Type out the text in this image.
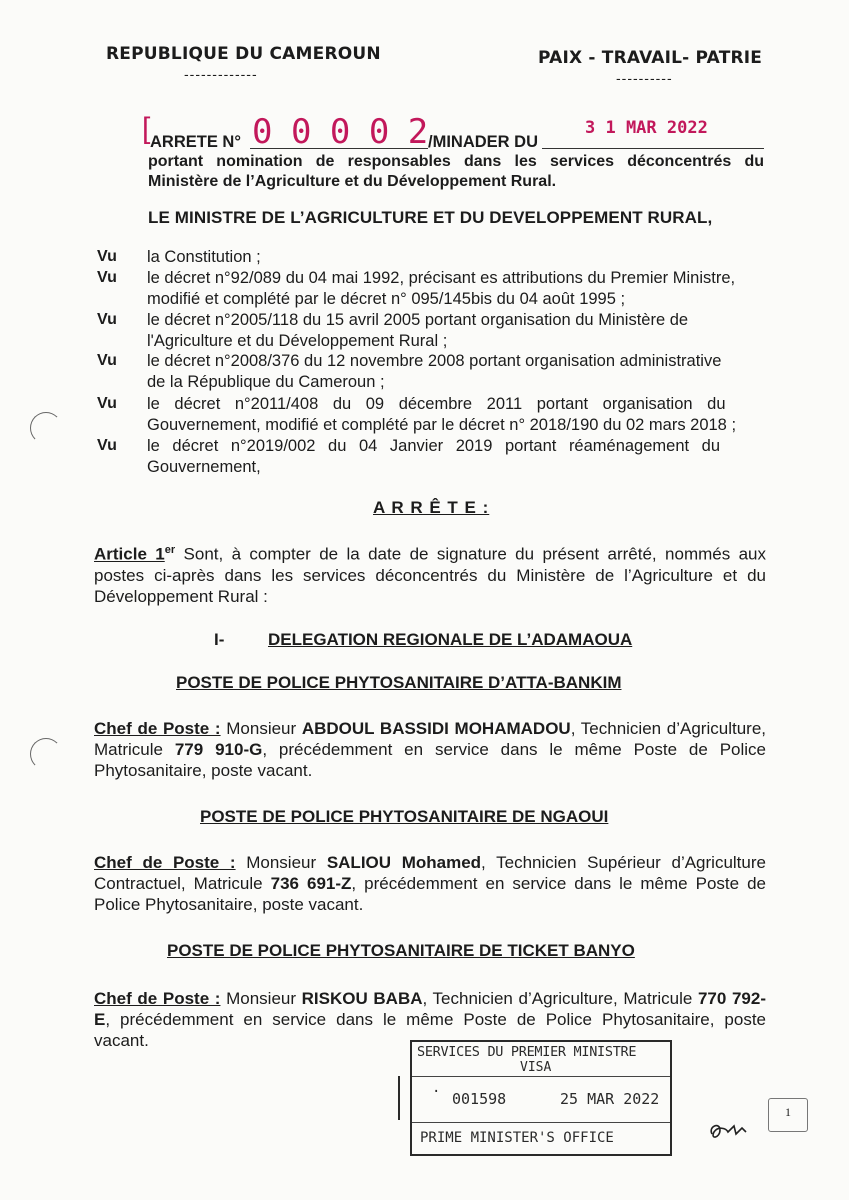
REPUBLIQUE DU CAMEROUN
-------------
PAIX - TRAVAIL- PATRIE
----------
[ ARRETE N° 0 0 0 0 2 /MINADER DU
3 1 MAR 2022
portant nomination de responsables dans les services déconcentrés du Ministère de l’Agriculture et du Développement Rural.
LE MINISTRE DE L’AGRICULTURE ET DU DEVELOPPEMENT RURAL,
Vu la Constitution ;
Vu le décret n°92/089 du 04 mai 1992, précisant es attributions du Premier Ministre,
modifié et complété par le décret n° 095/145bis du 04 août 1995 ;
Vu le décret n°2005/118 du 15 avril 2005 portant organisation du Ministère de
l'Agriculture et du Développement Rural ;
Vu le décret n°2008/376 du 12 novembre 2008 portant organisation administrative
de la République du Cameroun ;
Vu le décret n°2011/408 du 09 décembre 2011 portant organisation du
Gouvernement, modifié et complété par le décret n° 2018/190 du 02 mars 2018 ;
Vu le décret n°2019/002 du 04 Janvier 2019 portant réaménagement du
Gouvernement,
A R R Ê T E :
Article 1er Sont, à compter de la date de signature du présent arrêté, nommés aux postes ci-après dans les services déconcentrés du Ministère de l’Agriculture et du Développement Rural :
I-	DELEGATION REGIONALE DE L’ADAMAOUA
POSTE DE POLICE PHYTOSANITAIRE D’ATTA-BANKIM
Chef de Poste : Monsieur ABDOUL BASSIDI MOHAMADOU, Technicien d’Agriculture, Matricule 779 910-G, précédemment en service dans le même Poste de Police Phytosanitaire, poste vacant.
POSTE DE POLICE PHYTOSANITAIRE DE NGAOUI
Chef de Poste : Monsieur SALIOU Mohamed, Technicien Supérieur d’Agriculture Contractuel, Matricule 736 691-Z, précédemment en service dans le même Poste de Police Phytosanitaire, poste vacant.
POSTE DE POLICE PHYTOSANITAIRE DE TICKET BANYO
Chef de Poste : Monsieur RISKOU BABA, Technicien d’Agriculture, Matricule 770 792-E, précédemment en service dans le même Poste de Police Phytosanitaire, poste vacant.
SERVICES DU PREMIER MINISTRE
VISA
· 001598	25 MAR 2022
PRIME MINISTER'S OFFICE
1
